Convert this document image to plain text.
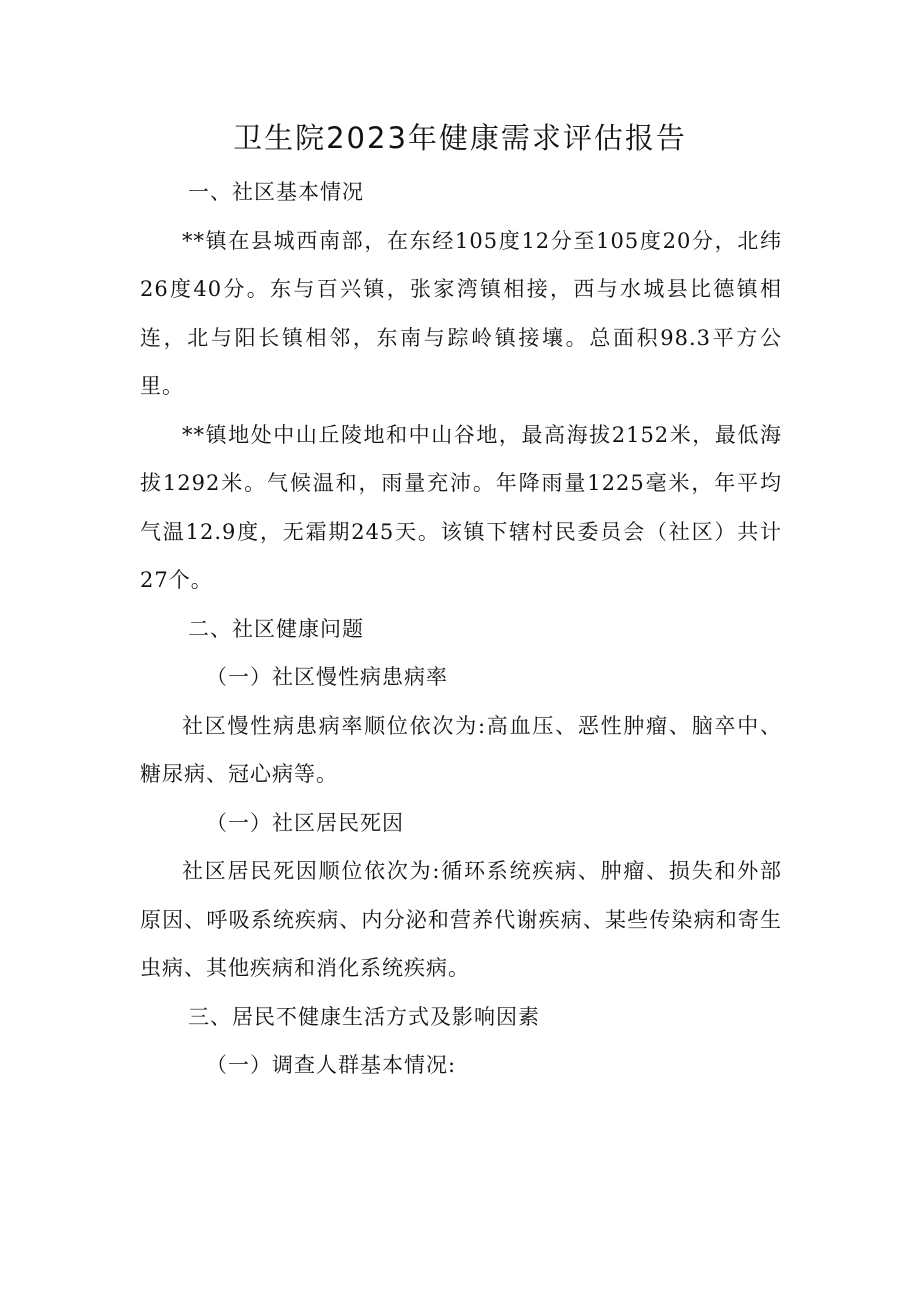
卫生院2023年健康需求评估报告

一、社区基本情况

**镇在县城西南部，在东经105度12分至105度20分，北纬26度40分。东与百兴镇，张家湾镇相接，西与水城县比德镇相连，北与阳长镇相邻，东南与踪岭镇接壤。总面积98.3平方公里。

**镇地处中山丘陵地和中山谷地，最高海拔2152米，最低海拔1292米。气候温和，雨量充沛。年降雨量1225毫米，年平均气温12.9度，无霜期245天。该镇下辖村民委员会（社区）共计27个。

二、社区健康问题

（一）社区慢性病患病率

社区慢性病患病率顺位依次为:高血压、恶性肿瘤、脑卒中、糖尿病、冠心病等。

（一）社区居民死因

社区居民死因顺位依次为:循环系统疾病、肿瘤、损失和外部原因、呼吸系统疾病、内分泌和营养代谢疾病、某些传染病和寄生虫病、其他疾病和消化系统疾病。

三、居民不健康生活方式及影响因素

（一）调查人群基本情况:
